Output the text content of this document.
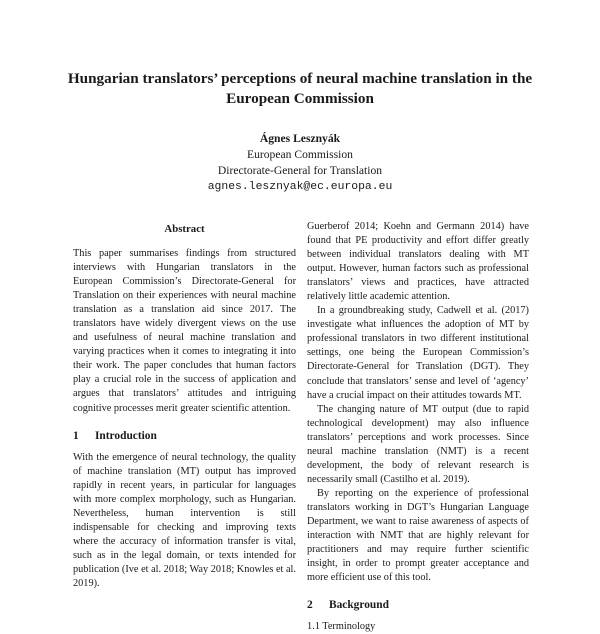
Hungarian translators’ perceptions of neural machine translation in the European Commission
Ágnes Lesznyák
European Commission
Directorate-General for Translation
agnes.lesznyak@ec.europa.eu
Abstract

This paper summarises findings from structured interviews with Hungarian translators in the European Commission’s Directorate-General for Translation on their experiences with neural machine translation as a translation aid since 2017. The translators have widely divergent views on the use and usefulness of neural machine translation and varying practices when it comes to integrating it into their work. The paper concludes that human factors play a crucial role in the success of application and argues that translators’ attitudes and intriguing cognitive processes merit greater scientific attention.

1 Introduction

With the emergence of neural technology, the quality of machine translation (MT) output has improved rapidly in recent years, in particular for languages with more complex morphology, such as Hungarian. Nevertheless, human intervention is still indispensable for checking and improving texts where the accuracy of information transfer is vital, such as in the legal domain, or texts intended for publication (Ive et al. 2018; Way 2018; Knowles et al. 2019).

Guerberof 2014; Koehn and Germann 2014) have found that PE productivity and effort differ greatly between individual translators dealing with MT output. However, human factors such as professional translators’ views and practices, have attracted relatively little academic attention.

In a groundbreaking study, Cadwell et al. (2017) investigate what influences the adoption of MT by professional translators in two different institutional settings, one being the European Commission’s Directorate-General for Translation (DGT). They conclude that translators’ sense and level of ‘agency’ have a crucial impact on their attitudes towards MT.

The changing nature of MT output (due to rapid technological development) may also influence translators’ perceptions and work processes. Since neural machine translation (NMT) is a recent development, the body of relevant research is necessarily small (Castilho et al. 2019).

By reporting on the experience of professional translators working in DGT’s Hungarian Language Department, we want to raise awareness of aspects of interaction with NMT that are highly relevant for practitioners and may require further scientific insight, in order to prompt greater acceptance and more efficient use of this tool.

2 Background

1.1 Terminology
